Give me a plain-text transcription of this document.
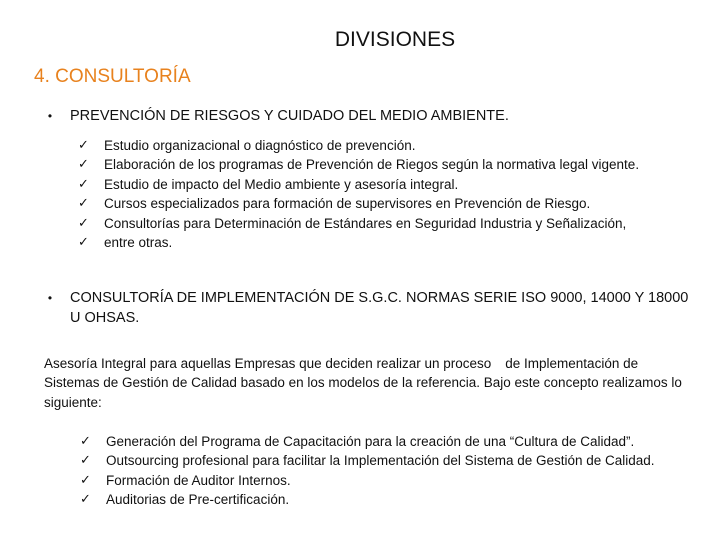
DIVISIONES
4. CONSULTORÍA
•	PREVENCIÓN DE RIESGOS Y CUIDADO DEL MEDIO AMBIENTE.
✓	Estudio organizacional o diagnóstico de prevención.
✓	Elaboración de los programas de Prevención de Riegos según la normativa legal vigente.
✓	Estudio de impacto del Medio ambiente y asesoría integral.
✓	Cursos especializados para formación de supervisores en Prevención de Riesgo.
✓	Consultorías para Determinación de Estándares en Seguridad Industria y Señalización,
✓	entre otras.
•	CONSULTORÍA DE IMPLEMENTACIÓN DE S.G.C. NORMAS SERIE ISO 9000, 14000 Y 18000 U OHSAS.
Asesoría Integral para aquellas Empresas que deciden realizar un proceso de Implementación de Sistemas de Gestión de Calidad basado en los modelos de la referencia. Bajo este concepto realizamos lo siguiente:
✓	Generación del Programa de Capacitación para la creación de una “Cultura de Calidad”.
✓	Outsourcing profesional para facilitar la Implementación del Sistema de Gestión de Calidad.
✓	Formación de Auditor Internos.
✓	Auditorias de Pre-certificación.
